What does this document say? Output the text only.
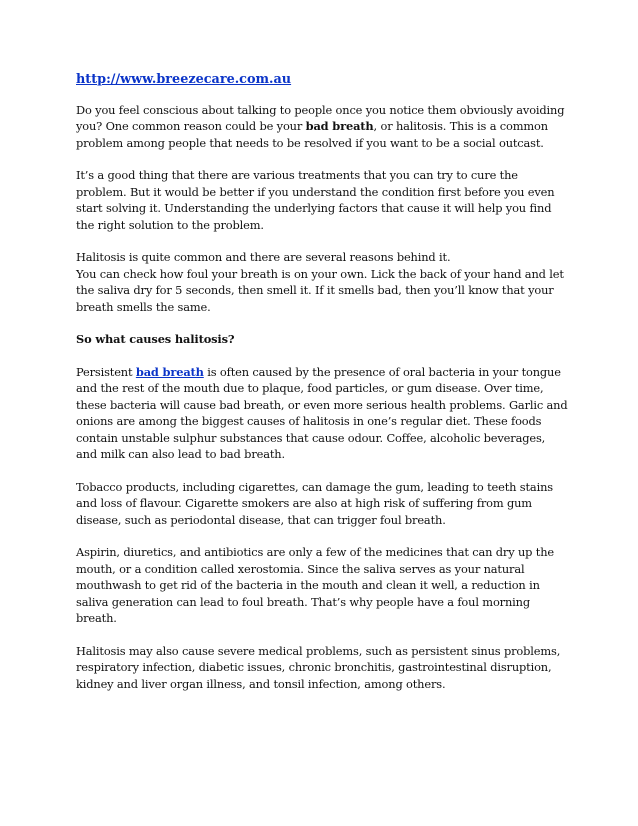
http://www.breezecare.com.au

Do you feel conscious about talking to people once you notice them obviously avoiding you? One common reason could be your bad breath, or halitosis. This is a common problem among people that needs to be resolved if you want to be a social outcast.

It’s a good thing that there are various treatments that you can try to cure the problem. But it would be better if you understand the condition first before you even start solving it. Understanding the underlying factors that cause it will help you find the right solution to the problem.

Halitosis is quite common and there are several reasons behind it.
You can check how foul your breath is on your own. Lick the back of your hand and let the saliva dry for 5 seconds, then smell it. If it smells bad, then you’ll know that your breath smells the same.

So what causes halitosis?

Persistent bad breath is often caused by the presence of oral bacteria in your tongue and the rest of the mouth due to plaque, food particles, or gum disease. Over time, these bacteria will cause bad breath, or even more serious health problems. Garlic and onions are among the biggest causes of halitosis in one’s regular diet. These foods contain unstable sulphur substances that cause odour. Coffee, alcoholic beverages, and milk can also lead to bad breath.

Tobacco products, including cigarettes, can damage the gum, leading to teeth stains and loss of flavour. Cigarette smokers are also at high risk of suffering from gum disease, such as periodontal disease, that can trigger foul breath.

Aspirin, diuretics, and antibiotics are only a few of the medicines that can dry up the mouth, or a condition called xerostomia. Since the saliva serves as your natural mouthwash to get rid of the bacteria in the mouth and clean it well, a reduction in saliva generation can lead to foul breath. That’s why people have a foul morning breath.

Halitosis may also cause severe medical problems, such as persistent sinus problems, respiratory infection, diabetic issues, chronic bronchitis, gastrointestinal disruption, kidney and liver organ illness, and tonsil infection, among others.
